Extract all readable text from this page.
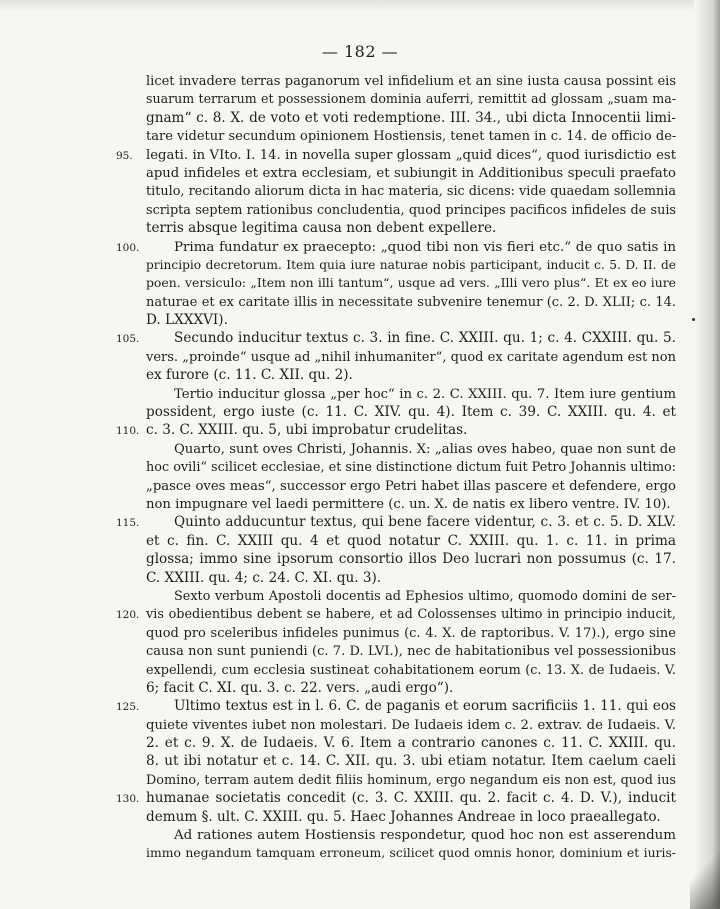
— 182 —
licet invadere terras paganorum vel infidelium et an sine iusta causa possint eis
suarum terrarum et possessionem dominia auferri, remittit ad glossam „suam ma-
gnam“ c. 8. X. de voto et voti redemptione. III. 34., ubi dicta Innocentii limi-
tare videtur secundum opinionem Hostiensis, tenet tamen in c. 14. de officio de-
95.	legati. in VIto. I. 14. in novella super glossam „quid dices“, quod iurisdictio est
apud infideles et extra ecclesiam, et subiungit in Additionibus speculi praefato
titulo, recitando aliorum dicta in hac materia, sic dicens: vide quaedam sollemnia
scripta septem rationibus concludentia, quod principes pacificos infideles de suis
terris absque legitima causa non debent expellere.
100.	Prima fundatur ex praecepto: „quod tibi non vis fieri etc.“ de quo satis in
principio decretorum. Item quia iure naturae nobis participant, inducit c. 5. D. II. de
poen. versiculo: „Item non illi tantum“, usque ad vers. „Illi vero plus“. Et ex eo iure
naturae et ex caritate illis in necessitate subvenire tenemur (c. 2. D. XLII; c. 14.
D. LXXXVI).
105.	Secundo inducitur textus c. 3. in fine. C. XXIII. qu. 1; c. 4. CXXIII. qu. 5.
vers. „proinde“ usque ad „nihil inhumaniter“, quod ex caritate agendum est non
ex furore (c. 11. C. XII. qu. 2).
Tertio inducitur glossa „per hoc“ in c. 2. C. XXIII. qu. 7. Item iure gentium
possident, ergo iuste (c. 11. C. XIV. qu. 4). Item c. 39. C. XXIII. qu. 4. et
110. c. 3. C. XXIII. qu. 5, ubi improbatur crudelitas.
Quarto, sunt oves Christi, Johannis. X: „alias oves habeo, quae non sunt de
hoc ovili“ scilicet ecclesiae, et sine distinctione dictum fuit Petro Johannis ultimo:
„pasce oves meas“, successor ergo Petri habet illas pascere et defendere, ergo
non impugnare vel laedi permittere (c. un. X. de natis ex libero ventre. IV. 10).
115.	Quinto adducuntur textus, qui bene facere videntur, c. 3. et c. 5. D. XLV.
et c. fin. C. XXIII qu. 4 et quod notatur C. XXIII. qu. 1. c. 11. in prima
glossa; immo sine ipsorum consortio illos Deo lucrari non possumus (c. 17.
C. XXIII. qu. 4; c. 24. C. XI. qu. 3).
Sexto verbum Apostoli docentis ad Ephesios ultimo, quomodo domini de ser-
120. vis obedientibus debent se habere, et ad Colossenses ultimo in principio inducit,
quod pro sceleribus infideles punimus (c. 4. X. de raptoribus. V. 17).), ergo sine
causa non sunt puniendi (c. 7. D. LVI.), nec de habitationibus vel possessionibus
expellendi, cum ecclesia sustineat cohabitationem eorum (c. 13. X. de Iudaeis. V.
6; facit C. XI. qu. 3. c. 22. vers. „audi ergo“).
125.	Ultimo textus est in l. 6. C. de paganis et eorum sacrificiis 1. 11. qui eos
quiete viventes iubet non molestari. De Iudaeis idem c. 2. extrav. de Iudaeis. V.
2. et c. 9. X. de Iudaeis. V. 6. Item a contrario canones c. 11. C. XXIII. qu.
8. ut ibi notatur et c. 14. C. XII. qu. 3. ubi etiam notatur. Item caelum caeli
Domino, terram autem dedit filiis hominum, ergo negandum eis non est, quod ius
130. humanae societatis concedit (c. 3. C. XXIII. qu. 2. facit c. 4. D. V.), inducit
demum §. ult. C. XXIII. qu. 5. Haec Johannes Andreae in loco praeallegato.
Ad rationes autem Hostiensis respondetur, quod hoc non est asserendum
immo negandum tamquam erroneum, scilicet quod omnis honor, dominium et iuris-
